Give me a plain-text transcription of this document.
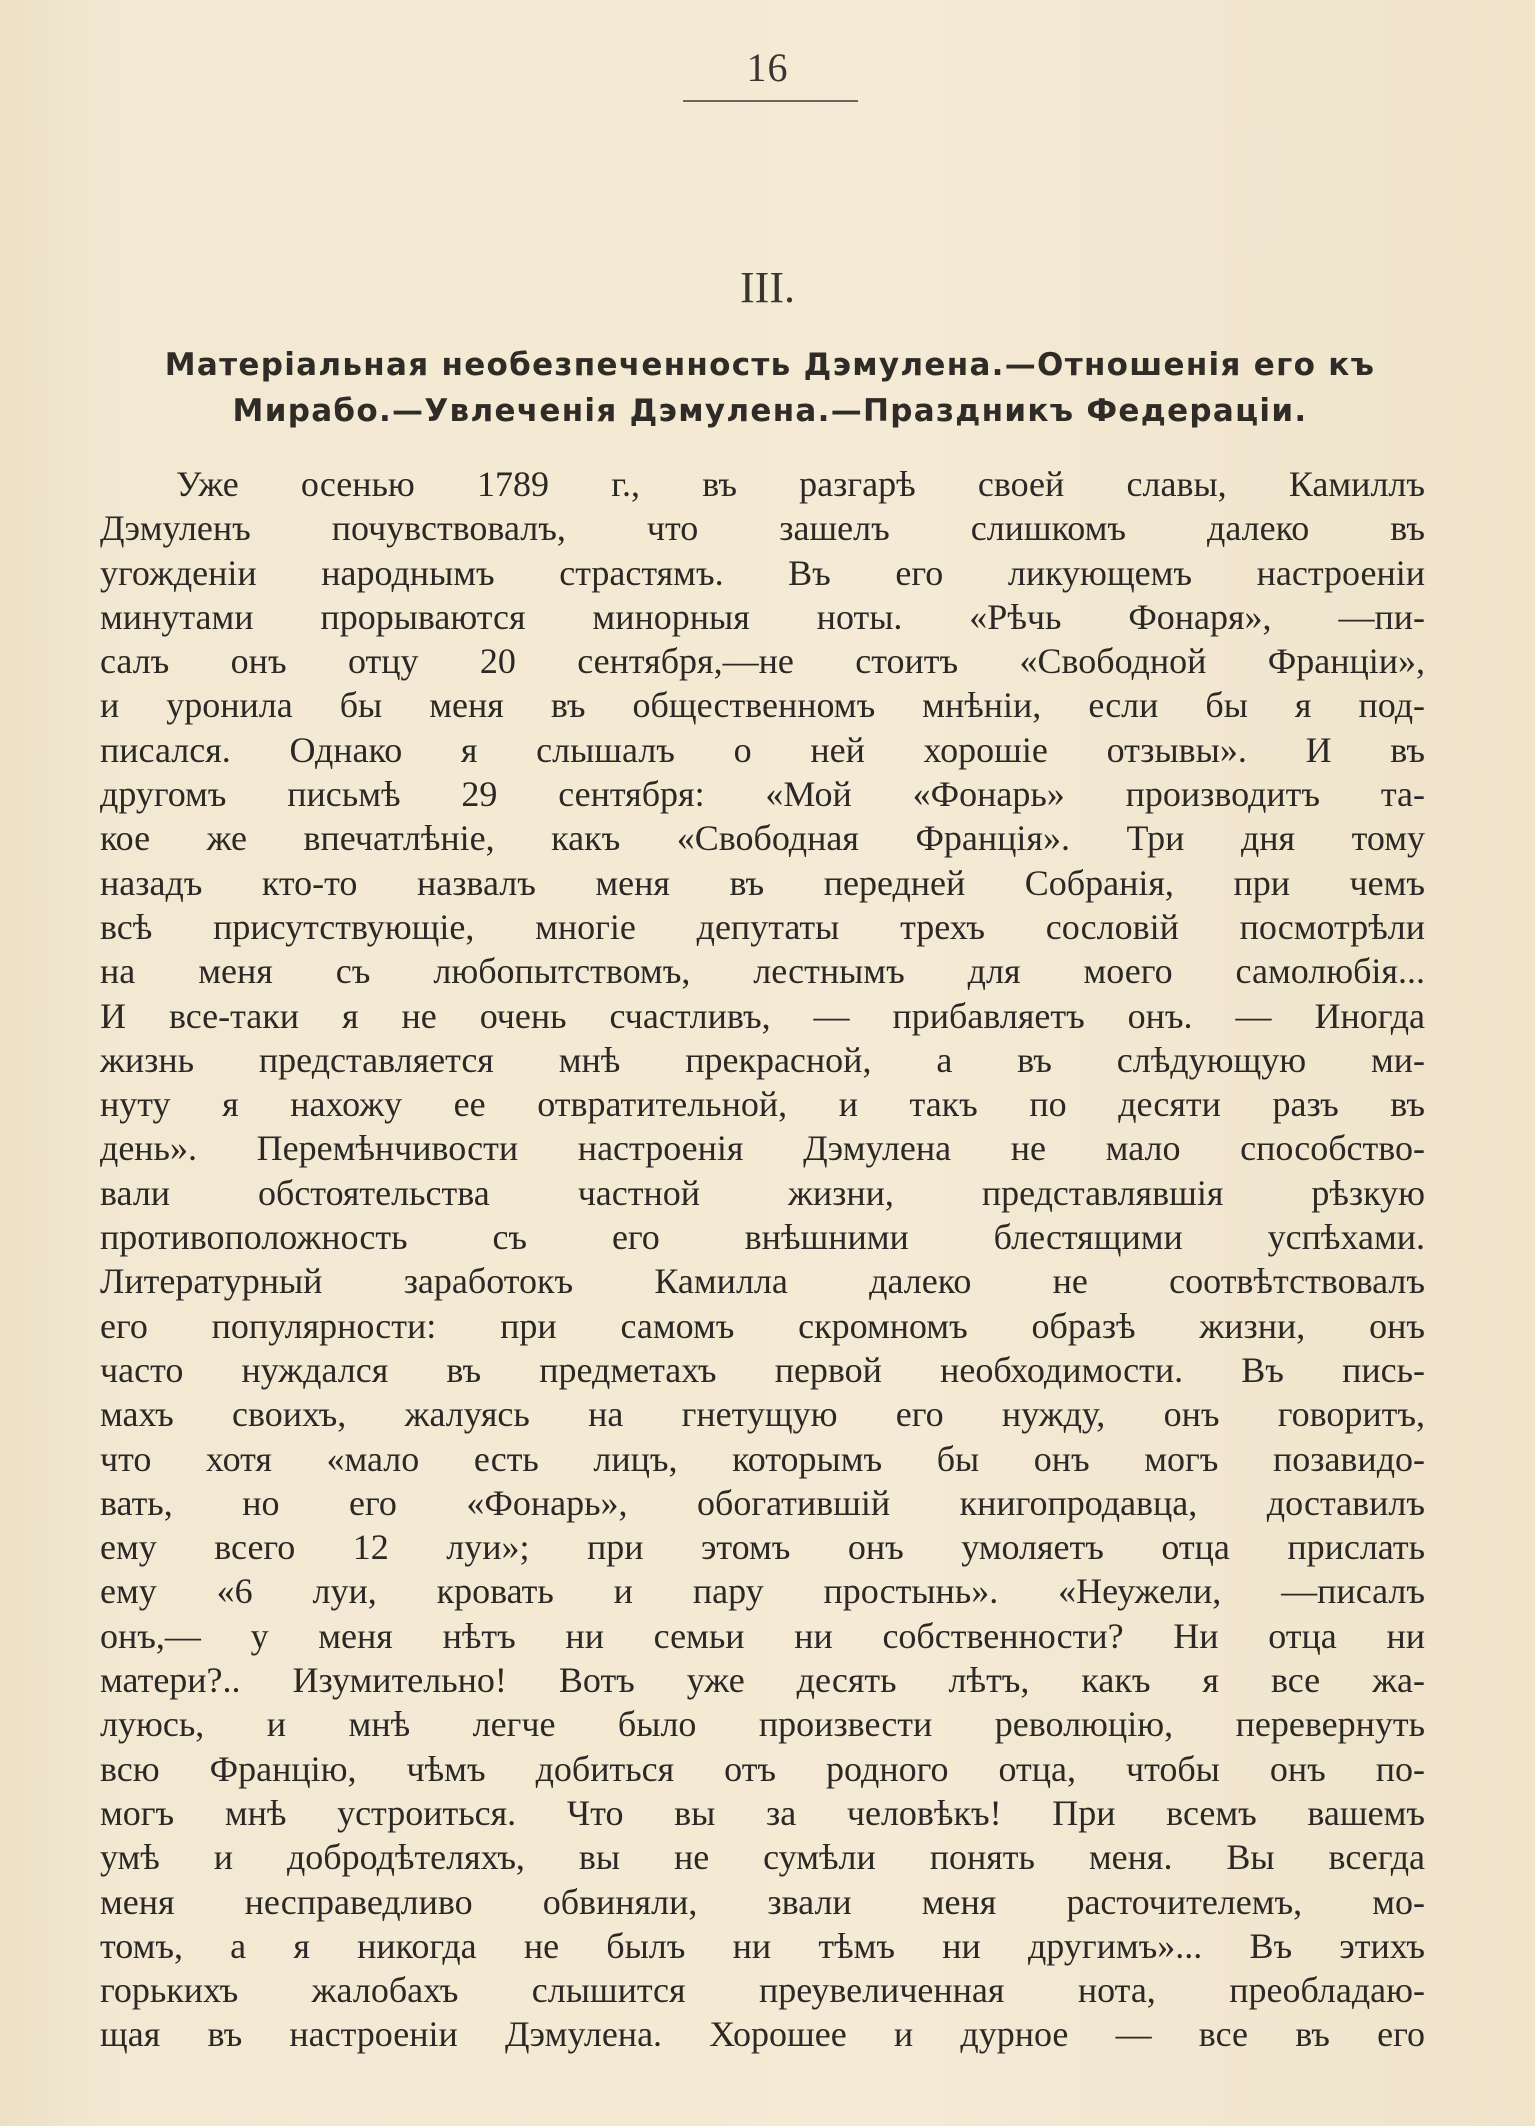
16
III.
Матеріальная необезпеченность Дэмулена.—Отношенія его къ
Мирабо.—Увлеченія Дэмулена.—Праздникъ Федераціи.
Уже осенью 1789 г., въ разгарѣ своей славы, Камиллъ
Дэмуленъ почувствовалъ, что зашелъ слишкомъ далеко въ
угожденіи народнымъ страстямъ. Въ его ликующемъ настроеніи
минутами прорываются минорныя ноты. «Рѣчь Фонаря», —пи-
салъ онъ отцу 20 сентября,—не стоитъ «Свободной Франціи»,
и уронила бы меня въ общественномъ мнѣніи, если бы я под-
писался. Однако я слышалъ о ней хорошіе отзывы». И въ
другомъ письмѣ 29 сентября: «Мой «Фонарь» производитъ та-
кое же впечатлѣніе, какъ «Свободная Франція». Три дня тому
назадъ кто-то назвалъ меня въ передней Собранія, при чемъ
всѣ присутствующіе, многіе депутаты трехъ сословій посмотрѣли
на меня съ любопытствомъ, лестнымъ для моего самолюбія...
И все-таки я не очень счастливъ, — прибавляетъ онъ. — Иногда
жизнь представляется мнѣ прекрасной, а въ слѣдующую ми-
нуту я нахожу ее отвратительной, и такъ по десяти разъ въ
день». Перемѣнчивости настроенія Дэмулена не мало способство-
вали обстоятельства частной жизни, представлявшія рѣзкую
противоположность съ его внѣшними блестящими успѣхами.
Литературный заработокъ Камилла далеко не соотвѣтствовалъ
его популярности: при самомъ скромномъ образѣ жизни, онъ
часто нуждался въ предметахъ первой необходимости. Въ пись-
махъ своихъ, жалуясь на гнетущую его нужду, онъ говоритъ,
что хотя «мало есть лицъ, которымъ бы онъ могъ позавидо-
вать, но его «Фонарь», обогатившій книгопродавца, доставилъ
ему всего 12 луи»; при этомъ онъ умоляетъ отца прислать
ему «6 луи, кровать и пару простынь». «Неужели, —писалъ
онъ,— у меня нѣтъ ни семьи ни собственности? Ни отца ни
матери?.. Изумительно! Вотъ уже десять лѣтъ, какъ я все жа-
луюсь, и мнѣ легче было произвести революцію, перевернуть
всю Францію, чѣмъ добиться отъ родного отца, чтобы онъ по-
могъ мнѣ устроиться. Что вы за человѣкъ! При всемъ вашемъ
умѣ и добродѣтеляхъ, вы не сумѣли понять меня. Вы всегда
меня несправедливо обвиняли, звали меня расточителемъ, мо-
томъ, а я никогда не былъ ни тѣмъ ни другимъ»... Въ этихъ
горькихъ жалобахъ слышится преувеличенная нота, преобладаю-
щая въ настроеніи Дэмулена. Хорошее и дурное — все въ его
